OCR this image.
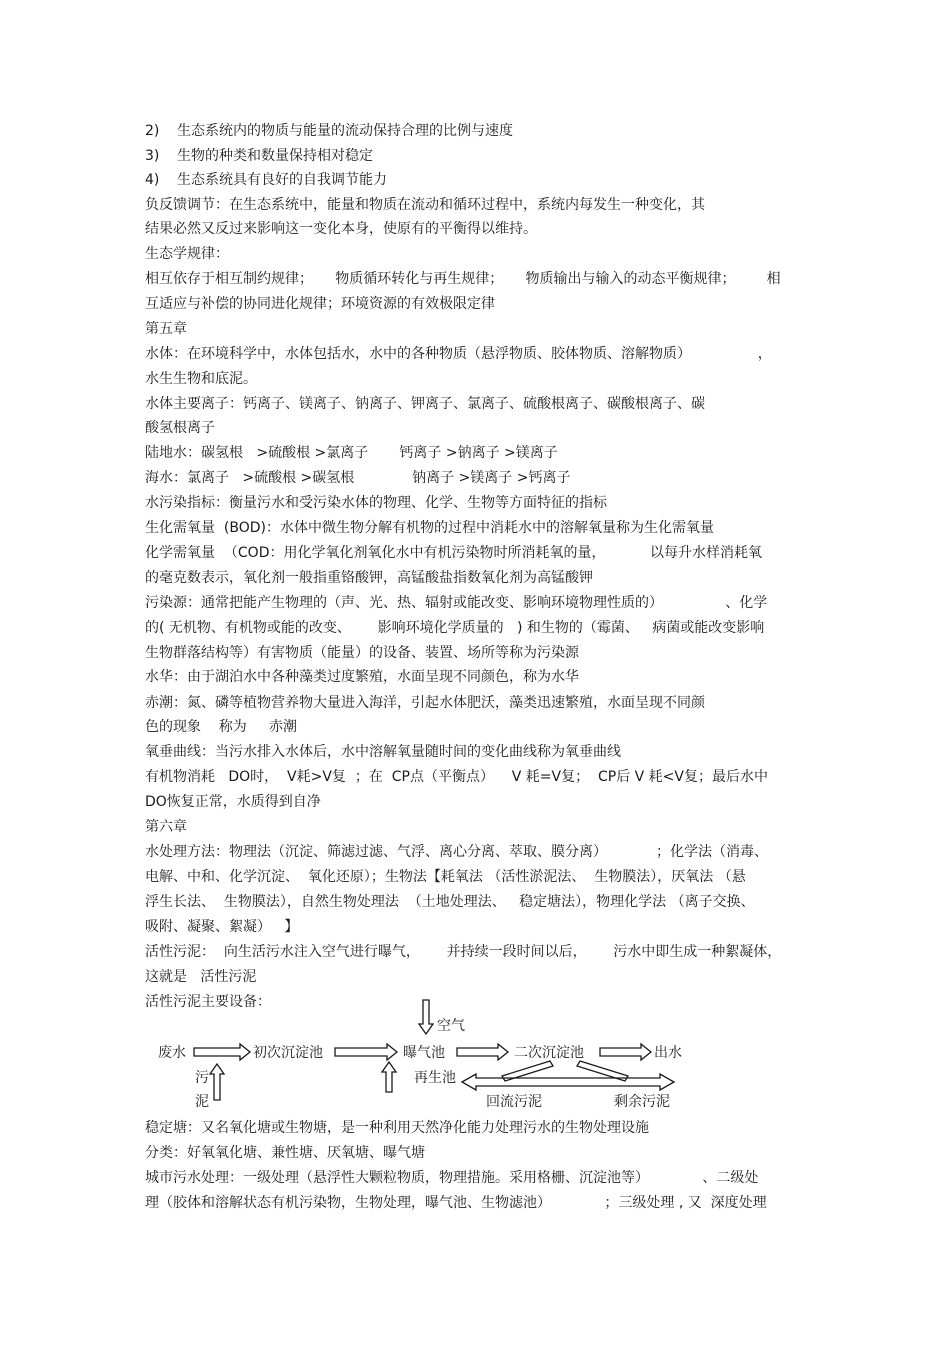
2) 生态系统内的物质与能量的流动保持合理的比例与速度
3) 生物的种类和数量保持相对稳定
4) 生态系统具有良好的自我调节能力
负反馈调节：在生态系统中，能量和物质在流动和循环过程中，系统内每发生一种变化，其
结果必然又反过来影响这一变化本身，使原有的平衡得以维持。
生态学规律：
相互依存于相互制约规律；     物质循环转化与再生规律；     物质输出与输入的动态平衡规律；       相
互适应与补偿的协同进化规律；环境资源的有效极限定律
第五章
水体：在环境科学中，水体包括水，水中的各种物质（悬浮物质、胶体物质、溶解物质）               ，
水生生物和底泥。
水体主要离子：钙离子、镁离子、钠离子、钾离子、氯离子、硫酸根离子、碳酸根离子、碳
酸氢根离子
陆地水：碳氢根   >硫酸根 >氯离子       钙离子 >钠离子 >镁离子
海水：氯离子   >硫酸根 >碳氢根             钠离子 >镁离子 >钙离子
水污染指标：衡量污水和受污染水体的物理、化学、生物等方面特征的指标
生化需氧量  (BOD)：水体中微生物分解有机物的过程中消耗水中的溶解氧量称为生化需氧量
化学需氧量  （COD：用化学氧化剂氧化水中有机污染物时所消耗氧的量，          以每升水样消耗氧
的毫克数表示，氧化剂一般指重铬酸钾，高锰酸盐指数氧化剂为高锰酸钾
污染源：通常把能产生物理的（声、光、热、辐射或能改变、影响环境物理性质的）              、化学
的( 无机物、有机物或能的改变、      影响环境化学质量的   ) 和生物的（霉菌、   病菌或能改变影响
生物群落结构等）有害物质（能量）的设备、装置、场所等称为污染源
水华：由于湖泊水中各种藻类过度繁殖，水面呈现不同颜色，称为水华
赤潮：氮、磷等植物营养物大量进入海洋，引起水体肥沃，藻类迅速繁殖，水面呈现不同颜
色的现象    称为     赤潮
氧垂曲线：当污水排入水体后，水中溶解氧量随时间的变化曲线称为氧垂曲线
有机物消耗   DO时，  V耗>V复  ；在  CP点（平衡点）    V 耗=V复；  CP后 V 耗<V复；最后水中
DO恢复正常，水质得到自净
第六章
水处理方法：物理法（沉淀、筛滤过滤、气浮、离心分离、萃取、膜分离）           ；化学法（消毒、
电解、中和、化学沉淀、  氧化还原）；生物法【耗氧法 （活性淤泥法、  生物膜法），厌氧法 （悬
浮生长法、  生物膜法），自然生物处理法  （土地处理法、   稳定塘法），物理化学法 （离子交换、
吸附、凝聚、絮凝）   】
活性污泥：  向生活污水注入空气进行曝气，      并持续一段时间以后，      污水中即生成一种絮凝体，
这就是   活性污泥
活性污泥主要设备：
空气
废水	初次沉淀池	曝气池	二次沉淀池	出水
污
泥
再生池
回流污泥	剩余污泥
稳定塘：又名氧化塘或生物塘，是一种利用天然净化能力处理污水的生物处理设施
分类：好氧氧化塘、兼性塘、厌氧塘、曝气塘
城市污水处理：一级处理（悬浮性大颗粒物质，物理措施。采用格栅、沉淀池等）            、二级处
理（胶体和溶解状态有机污染物，生物处理，曝气池、生物滤池）            ；三级处理 , 又  深度处理
